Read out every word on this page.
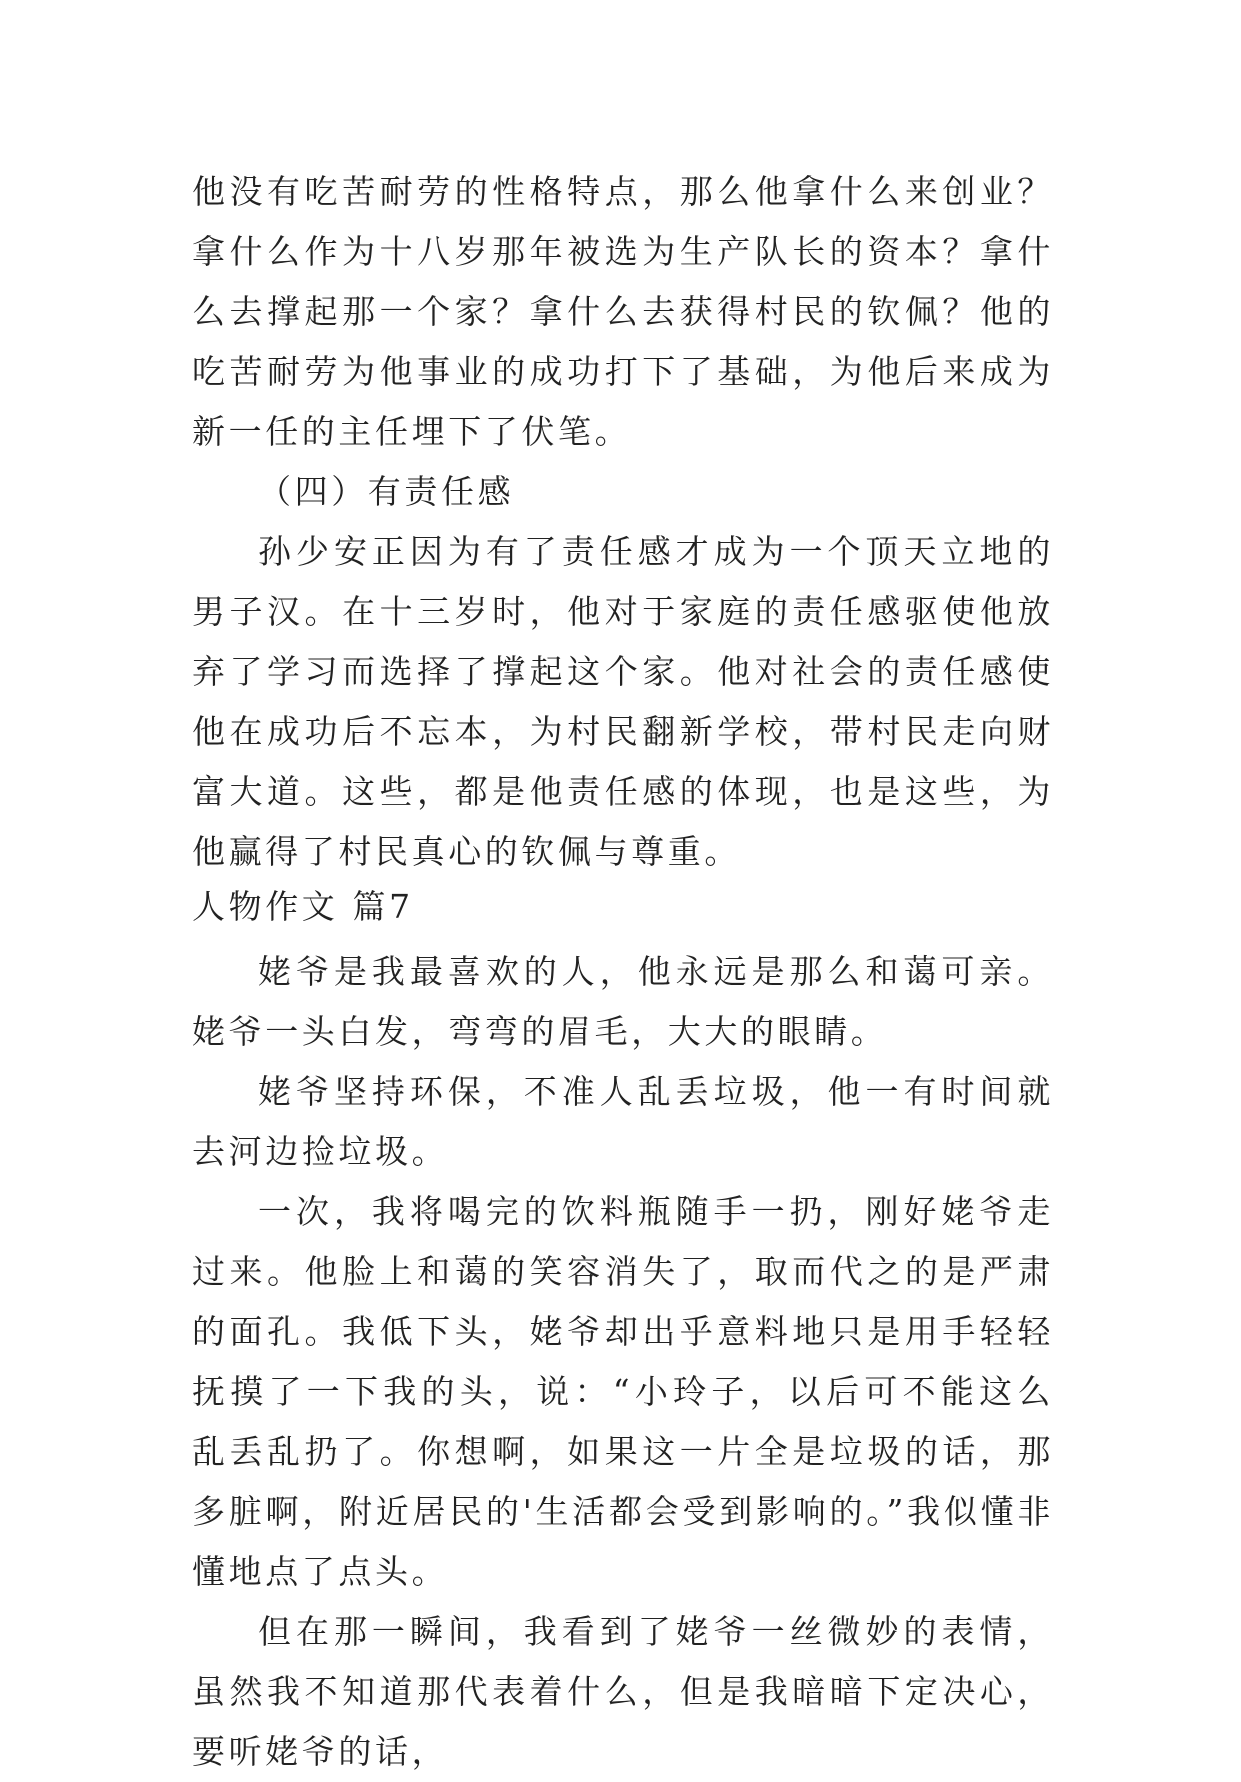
他没有吃苦耐劳的性格特点，那么他拿什么来创业？拿什么作为十八岁那年被选为生产队长的资本？拿什么去撑起那一个家？拿什么去获得村民的钦佩？他的吃苦耐劳为他事业的成功打下了基础，为他后来成为新一任的主任埋下了伏笔。

（四）有责任感

孙少安正因为有了责任感才成为一个顶天立地的男子汉。在十三岁时，他对于家庭的责任感驱使他放弃了学习而选择了撑起这个家。他对社会的责任感使他在成功后不忘本，为村民翻新学校，带村民走向财富大道。这些，都是他责任感的体现，也是这些，为他赢得了村民真心的钦佩与尊重。

人物作文 篇7

姥爷是我最喜欢的人，他永远是那么和蔼可亲。姥爷一头白发，弯弯的眉毛，大大的眼睛。

姥爷坚持环保，不准人乱丢垃圾，他一有时间就去河边捡垃圾。

一次，我将喝完的饮料瓶随手一扔，刚好姥爷走过来。他脸上和蔼的笑容消失了，取而代之的是严肃的面孔。我低下头，姥爷却出乎意料地只是用手轻轻抚摸了一下我的头，说：“小玲子，以后可不能这么乱丢乱扔了。你想啊，如果这一片全是垃圾的话，那多脏啊，附近居民的'生活都会受到影响的。”我似懂非懂地点了点头。

但在那一瞬间，我看到了姥爷一丝微妙的表情，虽然我不知道那代表着什么，但是我暗暗下定决心，要听姥爷的话，
